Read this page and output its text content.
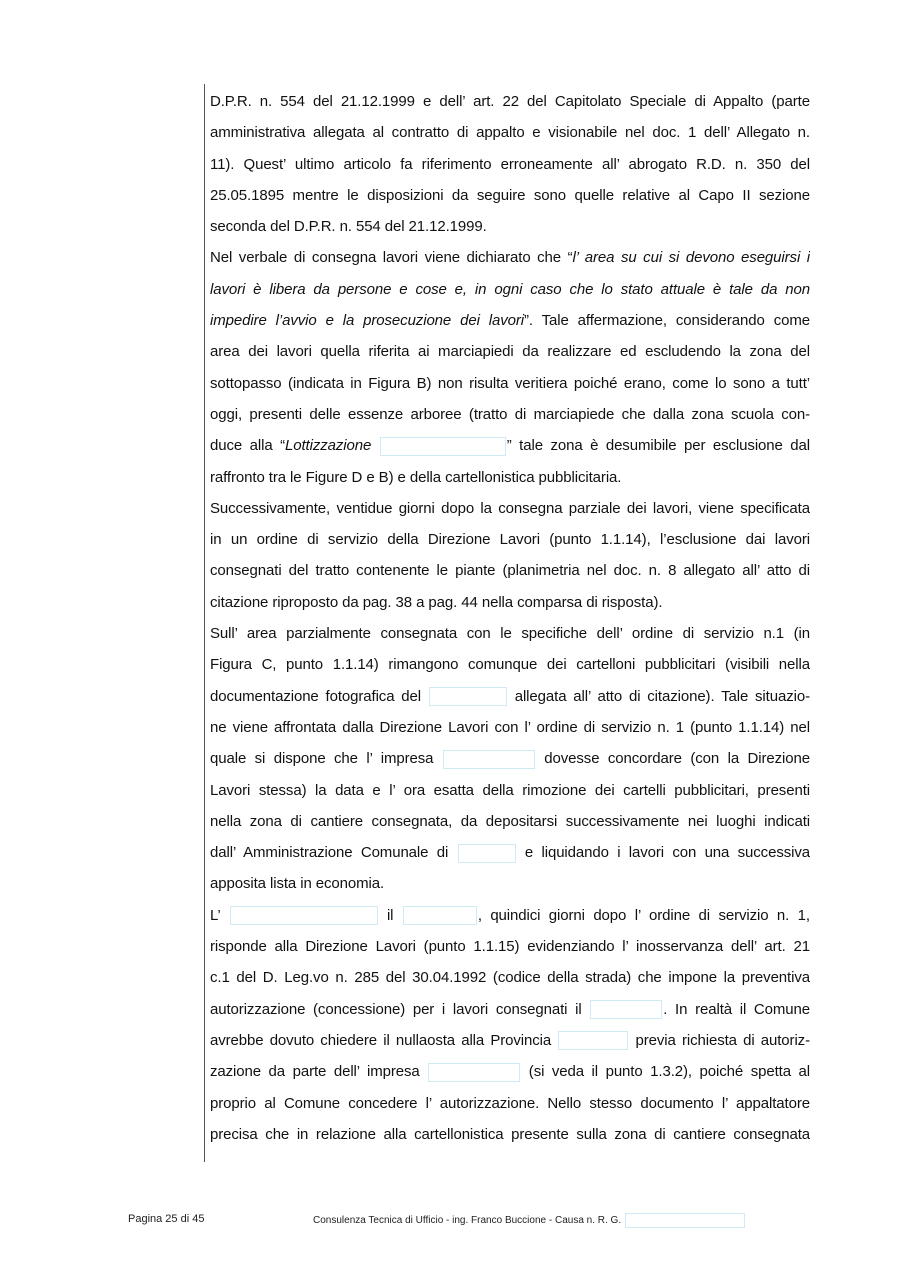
D.P.R. n. 554 del 21.12.1999 e dell’ art. 22 del Capitolato Speciale di Appalto (parte
amministrativa allegata al contratto di appalto e visionabile nel doc. 1 dell’ Allegato n.
11). Quest’ ultimo articolo fa riferimento erroneamente all’ abrogato R.D. n. 350 del
25.05.1895 mentre le disposizioni da seguire sono quelle relative al Capo II sezione
seconda del D.P.R. n. 554 del 21.12.1999.
Nel verbale di consegna lavori viene dichiarato che “l’ area su cui si devono eseguirsi i
lavori è libera da persone e cose e, in ogni caso che lo stato attuale è tale da non
impedire l’avvio e la prosecuzione dei lavori”. Tale affermazione, considerando come
area dei lavori quella riferita ai marciapiedi da realizzare ed escludendo la zona del
sottopasso (indicata in Figura B) non risulta veritiera poiché erano, come lo sono a tutt’
oggi, presenti delle essenze arboree (tratto di marciapiede che dalla zona scuola con-
duce alla “Lottizzazione	” tale zona è desumibile per esclusione dal
raffronto tra le Figure D e B) e della cartellonistica pubblicitaria.
Successivamente, ventidue giorni dopo la consegna parziale dei lavori, viene specificata
in un ordine di servizio della Direzione Lavori (punto 1.1.14), l’esclusione dai lavori
consegnati del tratto contenente le piante (planimetria nel doc. n. 8 allegato all’ atto di
citazione riproposto da pag. 38 a pag. 44 nella comparsa di risposta).
Sull’ area parzialmente consegnata con le specifiche dell’ ordine di servizio n.1 (in
Figura C, punto 1.1.14) rimangono comunque dei cartelloni pubblicitari (visibili nella
documentazione fotografica del	allegata all’ atto di citazione). Tale situazio-
ne viene affrontata dalla Direzione Lavori con l’ ordine di servizio n. 1 (punto 1.1.14) nel
quale si dispone che l’ impresa	dovesse concordare (con la Direzione
Lavori stessa) la data e l’ ora esatta della rimozione dei cartelli pubblicitari, presenti
nella zona di cantiere consegnata, da depositarsi successivamente nei luoghi indicati
dall’ Amministrazione Comunale di	e liquidando i lavori con una successiva
apposita lista in economia.
L’	il	, quindici giorni dopo l’ ordine di servizio n. 1,
risponde alla Direzione Lavori (punto 1.1.15) evidenziando l’ inosservanza dell’ art. 21
c.1 del D. Leg.vo n. 285 del 30.04.1992 (codice della strada) che impone la preventiva
autorizzazione (concessione) per i lavori consegnati il	. In realtà il Comune
avrebbe dovuto chiedere il nullaosta alla Provincia	previa richiesta di autoriz-
zazione da parte dell’ impresa	(si veda il punto 1.3.2), poiché spetta al
proprio al Comune concedere l’ autorizzazione. Nello stesso documento l’ appaltatore
precisa che in relazione alla cartellonistica presente sulla zona di cantiere consegnata
Pagina 25 di 45	Consulenza Tecnica di Ufficio - ing. Franco Buccione - Causa n. R. G.
